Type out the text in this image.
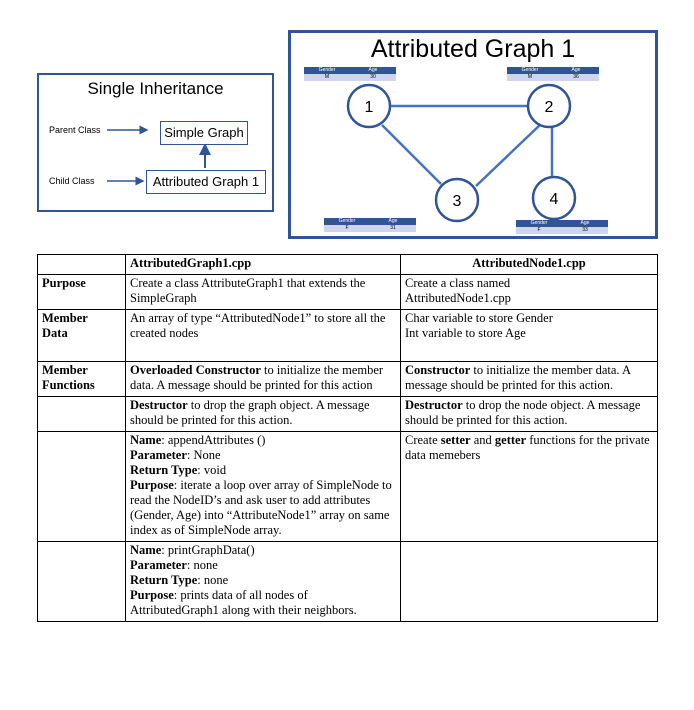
Single Inheritance
Parent Class
Child Class
Simple Graph
Attributed Graph 1
Attributed Graph 1
Gender	Age
M	30
Gender	Age
M	36
Gender	Age
F	31
Gender	Age
F	33
1	2
3	4
	AttributedGraph1.cpp	AttributedNode1.cpp
Purpose	Create a class AttributeGraph1 that extends the SimpleGraph	Create a class named
AttributedNode1.cpp
Member
Data	An array of type “AttributedNode1” to store all the created nodes	Char variable to store Gender
Int variable to store Age
Member
Functions	Overloaded Constructor to initialize the member data. A message should be printed for this action	Constructor to initialize the member data. A message should be printed for this action.
	Destructor to drop the graph object. A message should be printed for this action.	Destructor to drop the node object. A message should be printed for this action.
	Name: appendAttributes ()
Parameter: None
Return Type: void
Purpose: iterate a loop over array of SimpleNode to read the NodeID’s and ask user to add attributes (Gender, Age) into “AttributeNode1” array on same index as of SimpleNode array.	Create setter and getter functions for the private data memebers
	Name: printGraphData()
Parameter: none
Return Type: none
Purpose: prints data of all nodes of AttributedGraph1 along with their neighbors.	
